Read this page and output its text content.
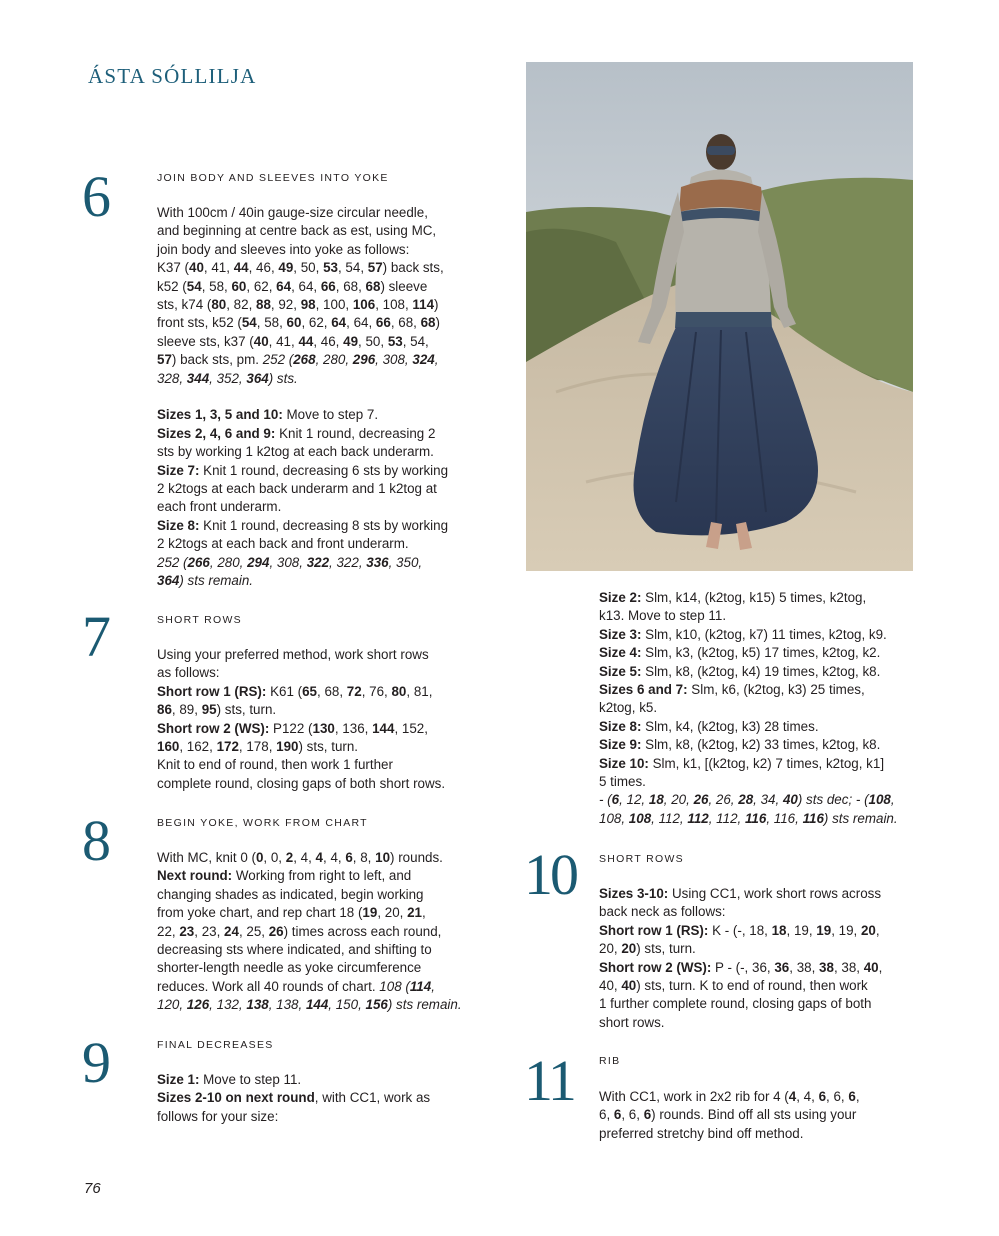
ÁSTA SÓLLILJA
6	JOIN BODY AND SLEEVES INTO YOKE

With 100cm / 40in gauge-size circular needle,

and beginning at centre back as est, using MC,

join body and sleeves into yoke as follows:

K37 (40, 41, 44, 46, 49, 50, 53, 54, 57) back sts,

k52 (54, 58, 60, 62, 64, 64, 66, 68, 68) sleeve

sts, k74 (80, 82, 88, 92, 98, 100, 106, 108, 114)

front sts, k52 (54, 58, 60, 62, 64, 64, 66, 68, 68)

sleeve sts, k37 (40, 41, 44, 46, 49, 50, 53, 54,

57) back sts, pm. 252 (268, 280, 296, 308, 324,

328, 344, 352, 364) sts.

Sizes 1, 3, 5 and 10: Move to step 7.

Sizes 2, 4, 6 and 9: Knit 1 round, decreasing 2

sts by working 1 k2tog at each back underarm.

Size 7: Knit 1 round, decreasing 6 sts by working

2 k2togs at each back underarm and 1 k2tog at

each front underarm.

Size 8: Knit 1 round, decreasing 8 sts by working

2 k2togs at each back and front underarm.

252 (266, 280, 294, 308, 322, 322, 336, 350,

364) sts remain.

7	SHORT ROWS

Using your preferred method, work short rows

as follows:

Short row 1 (RS): K61 (65, 68, 72, 76, 80, 81,

86, 89, 95) sts, turn.

Short row 2 (WS): P122 (130, 136, 144, 152,

160, 162, 172, 178, 190) sts, turn.

Knit to end of round, then work 1 further

complete round, closing gaps of both short rows.

8	BEGIN YOKE, WORK FROM CHART

With MC, knit 0 (0, 0, 2, 4, 4, 4, 6, 8, 10) rounds.

Next round: Working from right to left, and

changing shades as indicated, begin working

from yoke chart, and rep chart 18 (19, 20, 21,

22, 23, 23, 24, 25, 26) times across each round,

decreasing sts where indicated, and shifting to

shorter-length needle as yoke circumference

reduces. Work all 40 rounds of chart. 108 (114,

120, 126, 132, 138, 138, 144, 150, 156) sts remain.

9	FINAL DECREASES

Size 1: Move to step 11.

Sizes 2-10 on next round, with CC1, work as

follows for your size:

Size 2: Slm, k14, (k2tog, k15) 5 times, k2tog,

k13. Move to step 11.

Size 3: Slm, k10, (k2tog, k7) 11 times, k2tog, k9.

Size 4: Slm, k3, (k2tog, k5) 17 times, k2tog, k2.

Size 5: Slm, k8, (k2tog, k4) 19 times, k2tog, k8.

Sizes 6 and 7: Slm, k6, (k2tog, k3) 25 times,

k2tog, k5.

Size 8: Slm, k4, (k2tog, k3) 28 times.

Size 9: Slm, k8, (k2tog, k2) 33 times, k2tog, k8.

Size 10: Slm, k1, [(k2tog, k2) 7 times, k2tog, k1]

5 times.

- (6, 12, 18, 20, 26, 26, 28, 34, 40) sts dec; - (108,

108, 108, 112, 112, 112, 116, 116, 116) sts remain.

10 SHORT ROWS

Sizes 3-10: Using CC1, work short rows across

back neck as follows:

Short row 1 (RS): K - (-, 18, 18, 19, 19, 19, 20,

20, 20) sts, turn.

Short row 2 (WS): P - (-, 36, 36, 38, 38, 38, 40,

40, 40) sts, turn. K to end of round, then work

1 further complete round, closing gaps of both

short rows.

11 RIB

With CC1, work in 2x2 rib for 4 (4, 4, 6, 6, 6,

6, 6, 6, 6) rounds. Bind off all sts using your

preferred stretchy bind off method.

76
